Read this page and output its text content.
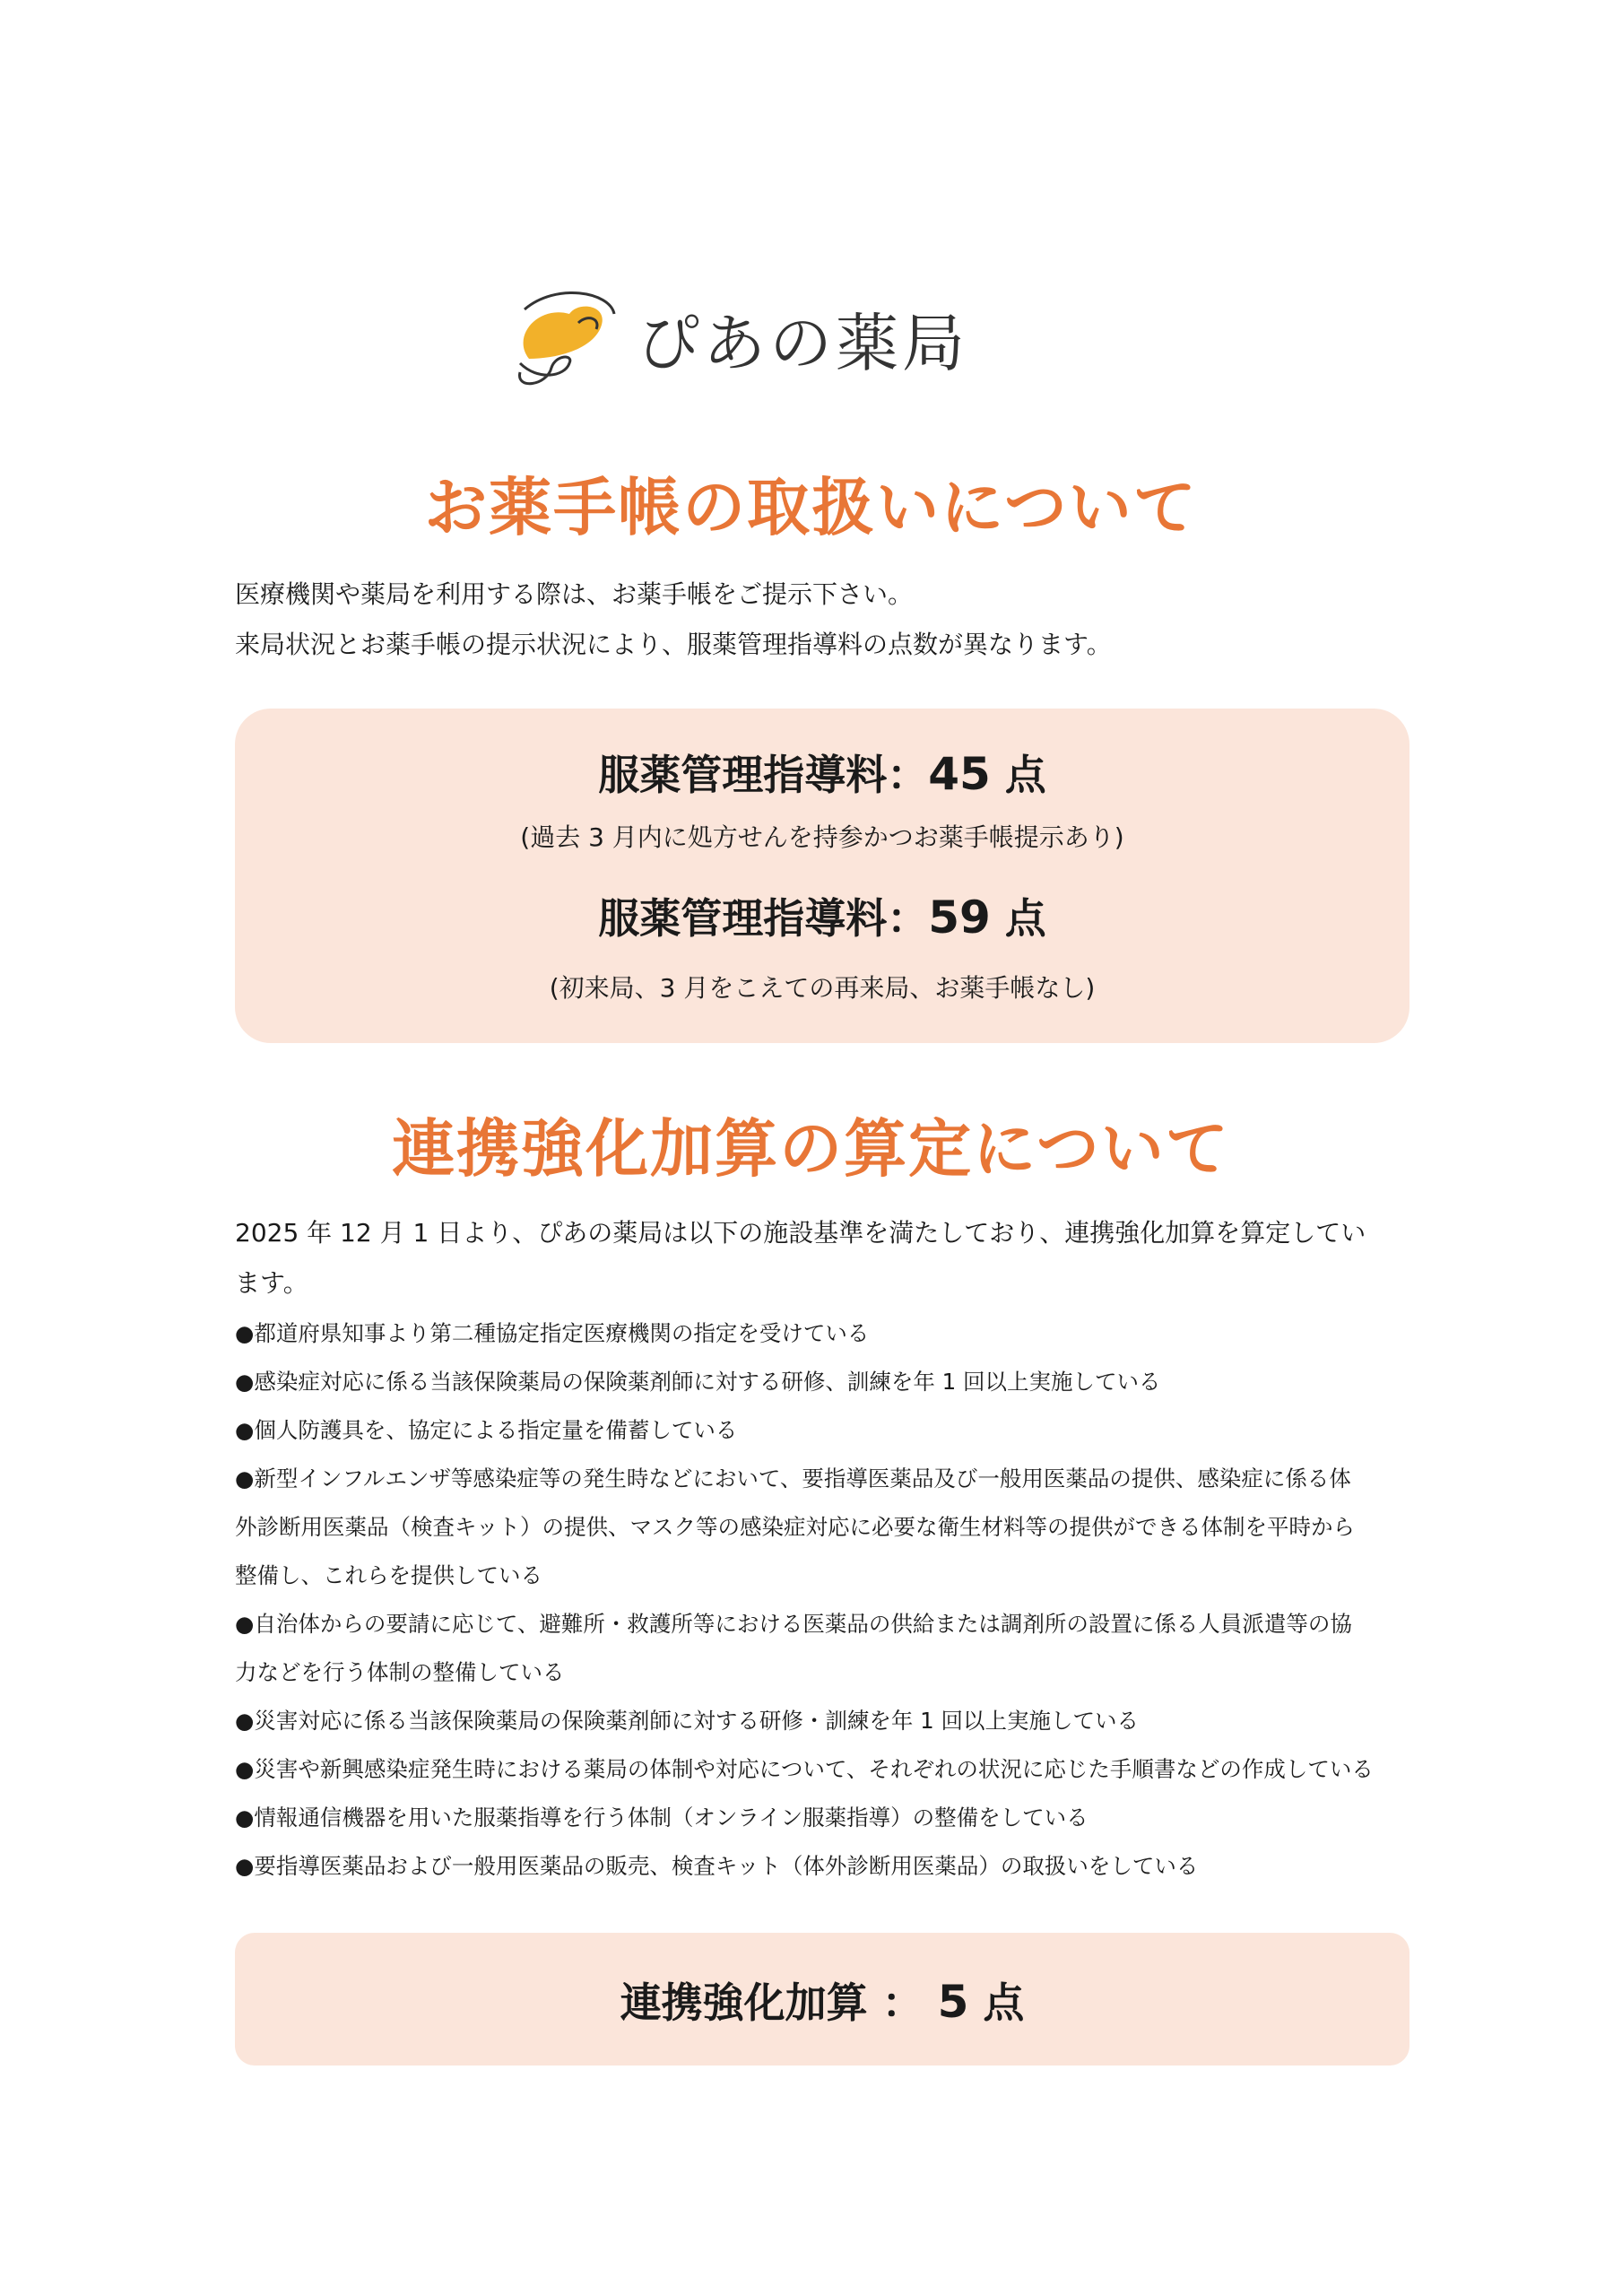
ぴあの薬局
お薬手帳の取扱いについて
医療機関や薬局を利用する際は、お薬手帳をご提示下さい。
来局状況とお薬手帳の提示状況により、服薬管理指導料の点数が異なります。
服薬管理指導料：45 点
(過去 3 月内に処方せんを持参かつお薬手帳提示あり)
服薬管理指導料：59 点
(初来局、3 月をこえての再来局、お薬手帳なし)
連携強化加算の算定について
2025 年 12 月 1 日より、ぴあの薬局は以下の施設基準を満たしており、連携強化加算を算定してい
ます。
● 都道府県知事より第二種協定指定医療機関の指定を受けている
● 感染症対応に係る当該保険薬局の保険薬剤師に対する研修、訓練を年 1 回以上実施している
● 個人防護具を、協定による指定量を備蓄している
● 新型インフルエンザ等感染症等の発生時などにおいて、要指導医薬品及び一般用医薬品の提供、感染症に係る体
外診断用医薬品（検査キット）の提供、マスク等の感染症対応に必要な衛生材料等の提供ができる体制を平時から
整備し、これらを提供している
● 自治体からの要請に応じて、避難所・救護所等における医薬品の供給または調剤所の設置に係る人員派遣等の協
力などを行う体制の整備している
● 災害対応に係る当該保険薬局の保険薬剤師に対する研修・訓練を年 1 回以上実施している
● 災害や新興感染症発生時における薬局の体制や対応について、それぞれの状況に応じた手順書などの作成している
● 情報通信機器を用いた服薬指導を行う体制（オンライン服薬指導）の整備をしている
● 要指導医薬品および一般用医薬品の販売、検査キット（体外診断用医薬品）の取扱いをしている
連携強化加算 ： 5 点
